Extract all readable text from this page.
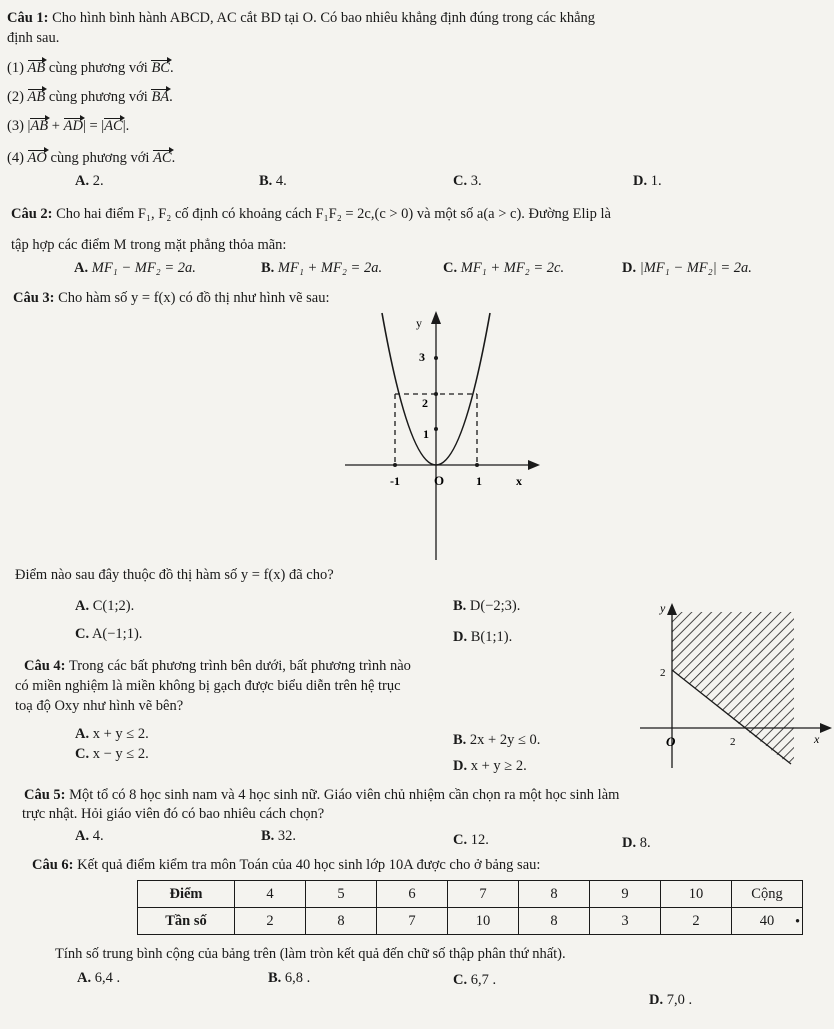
Câu 1: Cho hình bình hành ABCD, AC cắt BD tại O. Có bao nhiêu khẳng định đúng trong các khẳng
định sau.
(1) AB cùng phương với BC.
(2) AB cùng phương với BA.
(3) |AB + AD| = |AC|.
(4) AO cùng phương với AC.
A. 2.	B. 4.	C. 3.	D. 1.
Câu 2: Cho hai điểm F₁, F₂ cố định có khoảng cách F₁F₂ = 2c,(c > 0) và một số a(a > c). Đường Elip là
tập hợp các điểm M trong mặt phẳng thỏa mãn:
A. MF₁ − MF₂ = 2a.	B. MF₁ + MF₂ = 2a.	C. MF₁ + MF₂ = 2c.	D. |MF₁ − MF₂| = 2a.
Câu 3: Cho hàm số y = f(x) có đồ thị như hình vẽ sau:
y
3
2
1
-1	O	1	x
Điểm nào sau đây thuộc đồ thị hàm số y = f(x) đã cho?
A. C(1;2).	B. D(−2;3).
C. A(−1;1).	D. B(1;1).
Câu 4: Trong các bất phương trình bên dưới, bất phương trình nào
có miền nghiệm là miền không bị gạch được biểu diễn trên hệ trục
toạ độ Oxy như hình vẽ bên?
A. x + y ≤ 2.	B. 2x + 2y ≤ 0.
C. x − y ≤ 2.
D. x + y ≥ 2.
y
2
O	2	x
Câu 5: Một tổ có 8 học sinh nam và 4 học sinh nữ. Giáo viên chủ nhiệm cần chọn ra một học sinh làm
trực nhật. Hỏi giáo viên đó có bao nhiêu cách chọn?
A. 4.	B. 32.	C. 12.	D. 8.
Câu 6: Kết quả điểm kiểm tra môn Toán của 40 học sinh lớp 10A được cho ở bảng sau:
Điểm	4	5	6	7	8	9	10	Cộng
Tần số	2	8	7	10	8	3	2	40 •
Tính số trung bình cộng của bảng trên (làm tròn kết quả đến chữ số thập phân thứ nhất).
A. 6,4 .	B. 6,8 .	C. 6,7 .
D. 7,0 .
